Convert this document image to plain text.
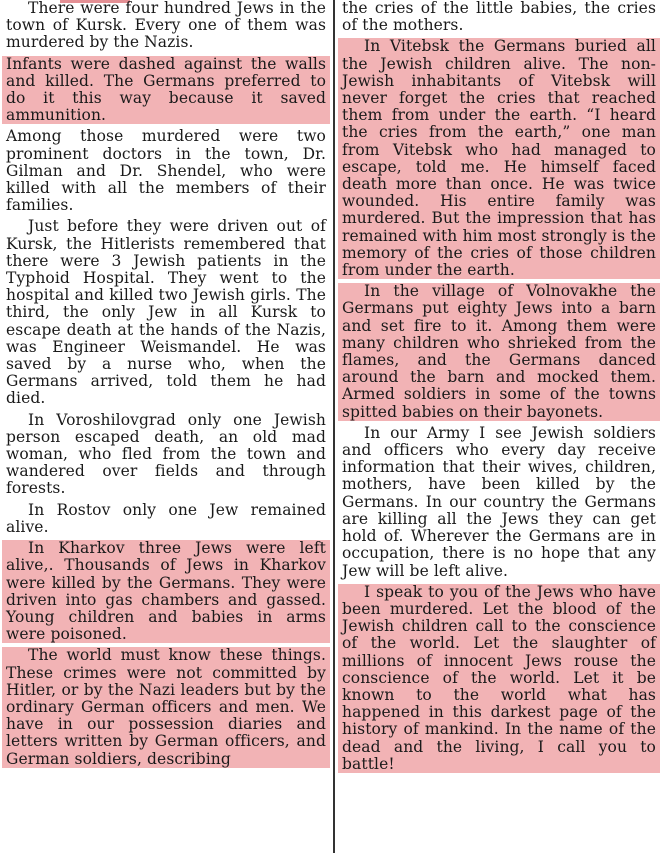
There were four hundred Jews in the town of Kursk. Every one of them was murdered by the Nazis.

Infants were dashed against the walls and killed. The Germans preferred to do it this way because it saved ammunition.

Among those murdered were two prominent doctors in the town, Dr. Gilman and Dr. Shendel, who were killed with all the members of their families.

Just before they were driven out of Kursk, the Hitlerists remembered that there were 3 Jewish patients in the Typhoid Hospital. They went to the hospital and killed two Jewish girls. The third, the only Jew in all Kursk to escape death at the hands of the Nazis, was Engineer Weismandel. He was saved by a nurse who, when the Germans arrived, told them he had died.

In Voroshilovgrad only one Jewish person escaped death, an old mad woman, who fled from the town and wandered over fields and through forests.

In Rostov only one Jew remained alive.

In Kharkov three Jews were left alive,. Thousands of Jews in Kharkov were killed by the Germans. They were driven into gas chambers and gassed. Young children and babies in arms were poisoned.

The world must know these things. These crimes were not committed by Hitler, or by the Nazi leaders but by the ordinary German officers and men. We have in our possession diaries and letters written by German officers, and German soldiers, describing

the cries of the little babies, the cries of the mothers.

In Vitebsk the Germans buried all the Jewish children alive. The non-Jewish inhabitants of Vitebsk will never forget the cries that reached them from under the earth. “I heard the cries from the earth,” one man from Vitebsk who had managed to escape, told me. He himself faced death more than once. He was twice wounded. His entire family was murdered. But the impression that has remained with him most strongly is the memory of the cries of those children from under the earth.

In the village of Volnovakhe the Germans put eighty Jews into a barn and set fire to it. Among them were many children who shrieked from the flames, and the Germans danced around the barn and mocked them. Armed soldiers in some of the towns spitted babies on their bayonets.

In our Army I see Jewish soldiers and officers who every day receive information that their wives, children, mothers, have been killed by the Germans. In our country the Germans are killing all the Jews they can get hold of. Wherever the Germans are in occupation, there is no hope that any Jew will be left alive.

I speak to you of the Jews who have been murdered. Let the blood of the Jewish children call to the conscience of the world. Let the slaughter of millions of innocent Jews rouse the conscience of the world. Let it be known to the world what has happened in this darkest page of the history of mankind. In the name of the dead and the living, I call you to battle!
